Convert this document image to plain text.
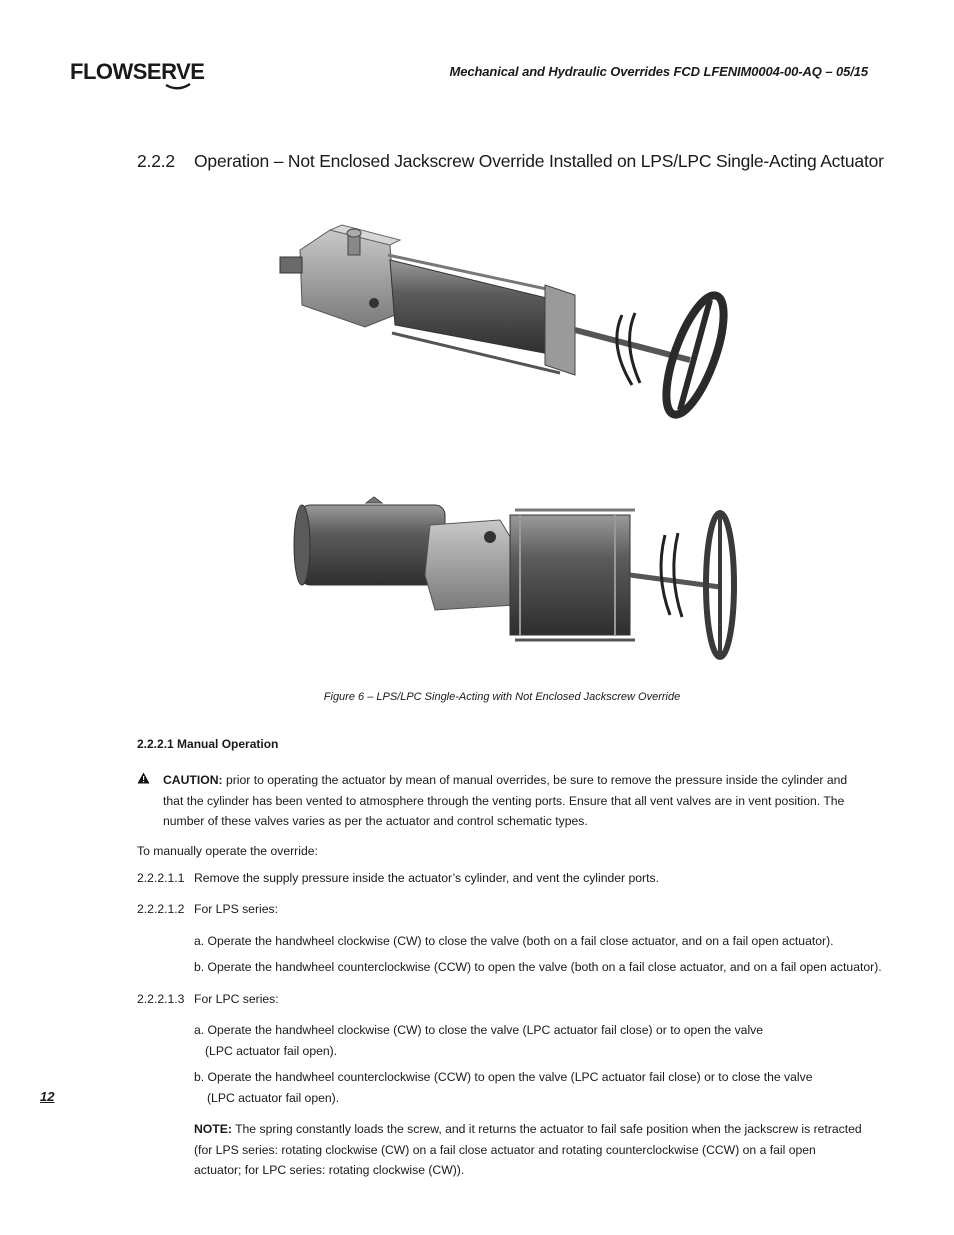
FLOWSERVE	Mechanical and Hydraulic Overrides FCD LFENIM0004-00-AQ – 05/15
2.2.2 Operation – Not Enclosed Jackscrew Override Installed on LPS/LPC Single-Acting Actuator
Figure 6 – LPS/LPC Single-Acting with Not Enclosed Jackscrew Override
2.2.2.1 Manual Operation
CAUTION: prior to operating the actuator by mean of manual overrides, be sure to remove the pressure inside the cylinder and
that the cylinder has been vented to atmosphere through the venting ports. Ensure that all vent valves are in vent position. The
number of these valves varies as per the actuator and control schematic types.
To manually operate the override:
2.2.2.1.1 Remove the supply pressure inside the actuator’s cylinder, and vent the cylinder ports.
2.2.2.1.2 For LPS series:
a. Operate the handwheel clockwise (CW) to close the valve (both on a fail close actuator, and on a fail open actuator).
b. Operate the handwheel counterclockwise (CCW) to open the valve (both on a fail close actuator, and on a fail open actuator).
2.2.2.1.3 For LPC series:
a. Operate the handwheel clockwise (CW) to close the valve (LPC actuator fail close) or to open the valve
(LPC actuator fail open).
b. Operate the handwheel counterclockwise (CCW) to open the valve (LPC actuator fail close) or to close the valve
(LPC actuator fail open).
NOTE: The spring constantly loads the screw, and it returns the actuator to fail safe position when the jackscrew is retracted
(for LPS series: rotating clockwise (CW) on a fail close actuator and rotating counterclockwise (CCW) on a fail open
actuator; for LPC series: rotating clockwise (CW)).
12
